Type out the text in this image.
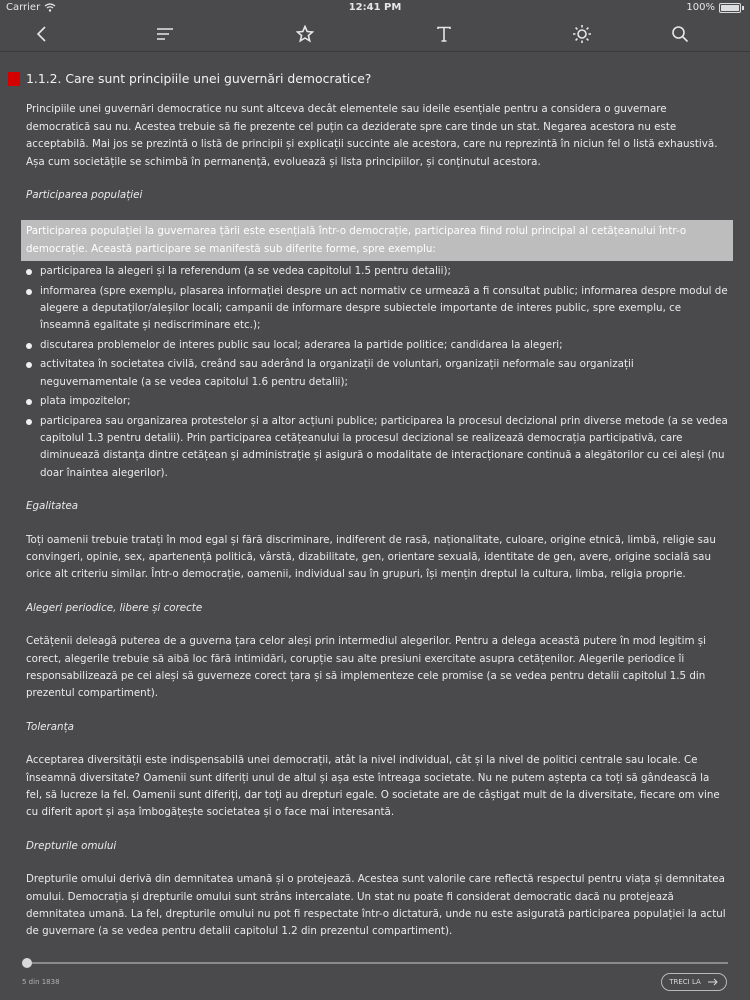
Carrier	12:41 PM	100%
1.1.2. Care sunt principiile unei guvernări democratice?

Principiile unei guvernări democratice nu sunt altceva decât elementele sau ideile esențiale pentru a considera o guvernare democratică sau nu. Acestea trebuie să fie prezente cel puțin ca deziderate spre care tinde un stat. Negarea acestora nu este acceptabilă. Mai jos se prezintă o listă de principii și explicații succinte ale acestora, care nu reprezintă în niciun fel o listă exhaustivă. Așa cum societățile se schimbă în permanență, evoluează și lista principiilor, și conținutul acestora.

Participarea populației
Participarea populației la guvernarea țării este esențială într-o democrație, participarea fiind rolul principal al cetățeanului într-o democrație. Această participare se manifestă sub diferite forme, spre exemplu:
participarea la alegeri și la referendum (a se vedea capitolul 1.5 pentru detalii);
informarea (spre exemplu, plasarea informației despre un act normativ ce urmează a fi consultat public; informarea despre modul de alegere a deputaților/aleșilor locali; campanii de informare despre subiectele importante de interes public, spre exemplu, ce înseamnă egalitate și nediscriminare etc.);
discutarea problemelor de interes public sau local; aderarea la partide politice; candidarea la alegeri;
activitatea în societatea civilă, creând sau aderând la organizații de voluntari, organizații neformale sau organizații neguvernamentale (a se vedea capitolul 1.6 pentru detalii);
plata impozitelor;
participarea sau organizarea protestelor și a altor acțiuni publice; participarea la procesul decizional prin diverse metode (a se vedea capitolul 1.3 pentru detalii). Prin participarea cetățeanului la procesul decizional se realizează democrația participativă, care diminuează distanța dintre cetățean și administrație și asigură o modalitate de interacționare continuă a alegătorilor cu cei aleși (nu doar înaintea alegerilor).
Egalitatea

Toți oamenii trebuie tratați în mod egal și fără discriminare, indiferent de rasă, naționalitate, culoare, origine etnică, limbă, religie sau convingeri, opinie, sex, apartenență politică, vârstă, dizabilitate, gen, orientare sexuală, identitate de gen, avere, origine socială sau orice alt criteriu similar. Într-o democrație, oamenii, individual sau în grupuri, își mențin dreptul la cultura, limba, religia proprie.

Alegeri periodice, libere și corecte

Cetățenii deleagă puterea de a guverna țara celor aleși prin intermediul alegerilor. Pentru a delega această putere în mod legitim și corect, alegerile trebuie să aibă loc fără intimidări, corupție sau alte presiuni exercitate asupra cetățenilor. Alegerile periodice îi responsabilizează pe cei aleși să guverneze corect țara și să implementeze cele promise (a se vedea pentru detalii capitolul 1.5 din prezentul compartiment).

Toleranța

Acceptarea diversității este indispensabilă unei democrații, atât la nivel individual, cât și la nivel de politici centrale sau locale. Ce înseamnă diversitate? Oamenii sunt diferiți unul de altul și așa este întreaga societate. Nu ne putem aștepta ca toți să gândească la fel, să lucreze la fel. Oamenii sunt diferiți, dar toți au drepturi egale. O societate are de câștigat mult de la diversitate, fiecare om vine cu diferit aport și așa îmbogățește societatea și o face mai interesantă.

Drepturile omului

Drepturile omului derivă din demnitatea umană și o protejează. Acestea sunt valorile care reflectă respectul pentru viața și demnitatea omului. Democrația și drepturile omului sunt strâns intercalate. Un stat nu poate fi considerat democratic dacă nu protejează demnitatea umană. La fel, drepturile omului nu pot fi respectate într-o dictatură, unde nu este asigurată participarea populației la actul de guvernare (a se vedea pentru detalii capitolul 1.2 din prezentul compartiment).

5 din 1838	TRECI LA
